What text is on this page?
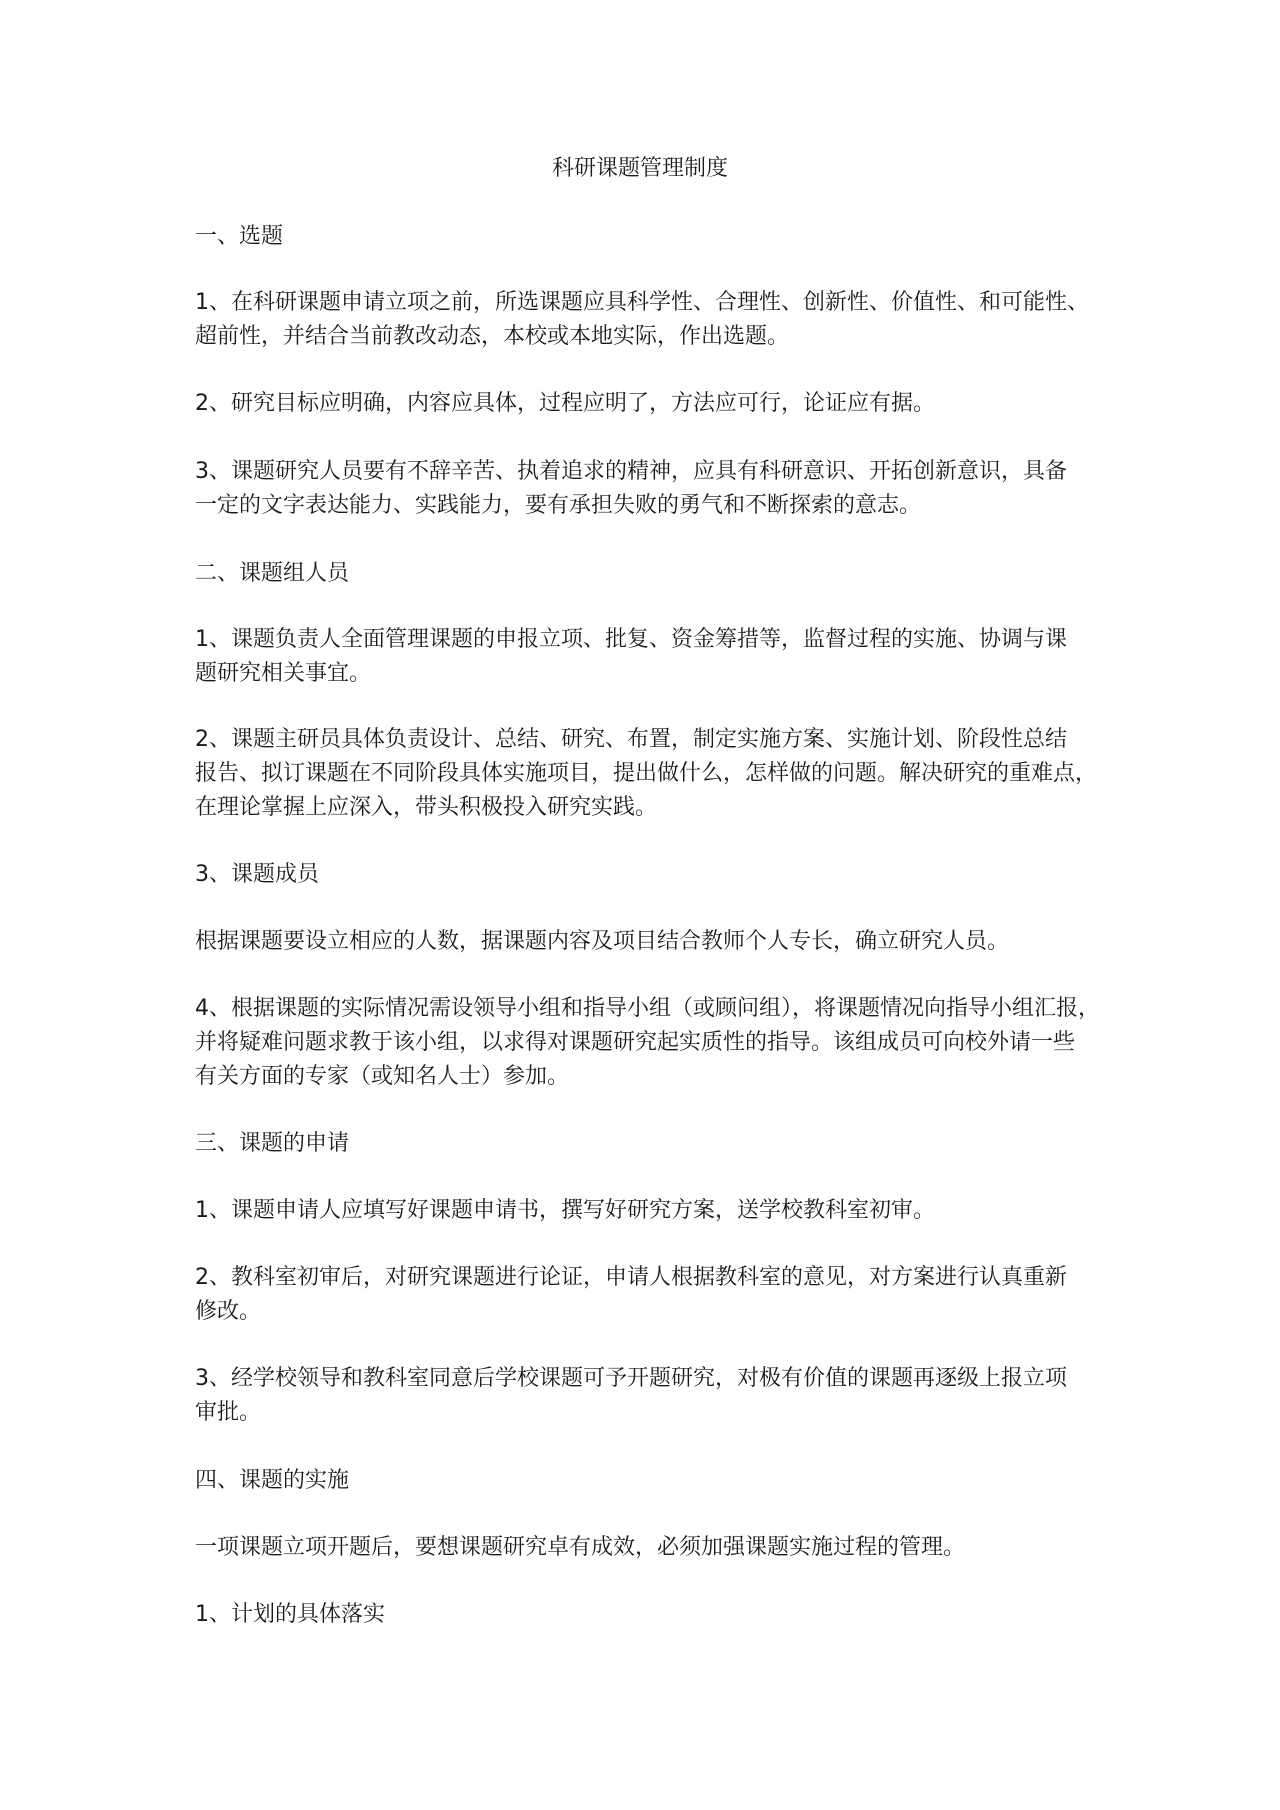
科研课题管理制度
一、选题
1、在科研课题申请立项之前，所选课题应具科学性、合理性、创新性、价值性、和可能性、
超前性，并结合当前教改动态，本校或本地实际，作出选题。
2、研究目标应明确，内容应具体，过程应明了，方法应可行，论证应有据。
3、课题研究人员要有不辞辛苦、执着追求的精神，应具有科研意识、开拓创新意识，具备
一定的文字表达能力、实践能力，要有承担失败的勇气和不断探索的意志。
二、课题组人员
1、课题负责人全面管理课题的申报立项、批复、资金筹措等，监督过程的实施、协调与课
题研究相关事宜。
2、课题主研员具体负责设计、总结、研究、布置，制定实施方案、实施计划、阶段性总结
报告、拟订课题在不同阶段具体实施项目，提出做什么，怎样做的问题。解决研究的重难点，
在理论掌握上应深入，带头积极投入研究实践。
3、课题成员
根据课题要设立相应的人数，据课题内容及项目结合教师个人专长，确立研究人员。
4、根据课题的实际情况需设领导小组和指导小组（或顾问组），将课题情况向指导小组汇报，
并将疑难问题求教于该小组，以求得对课题研究起实质性的指导。该组成员可向校外请一些
有关方面的专家（或知名人士）参加。
三、课题的申请
1、课题申请人应填写好课题申请书，撰写好研究方案，送学校教科室初审。
2、教科室初审后，对研究课题进行论证，申请人根据教科室的意见，对方案进行认真重新
修改。
3、经学校领导和教科室同意后学校课题可予开题研究，对极有价值的课题再逐级上报立项
审批。
四、课题的实施
一项课题立项开题后，要想课题研究卓有成效，必须加强课题实施过程的管理。
1、计划的具体落实
